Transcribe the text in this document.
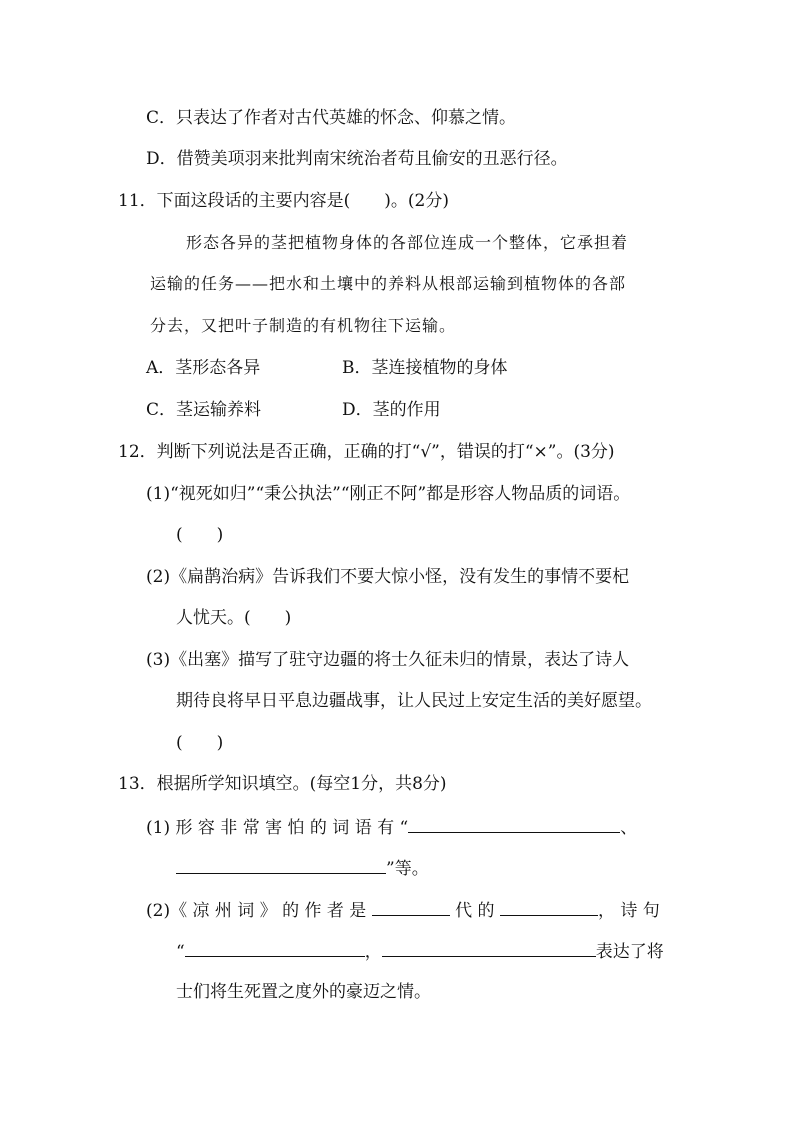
C．只表达了作者对古代英雄的怀念、仰慕之情。
D．借赞美项羽来批判南宋统治者苟且偷安的丑恶行径。
11．下面这段话的主要内容是(　　)。(2分)
形态各异的茎把植物身体的各部位连成一个整体，它承担着
运输的任务——把水和土壤中的养料从根部运输到植物体的各部
分去，又把叶子制造的有机物往下运输。
A．茎形态各异	B．茎连接植物的身体
C．茎运输养料	D．茎的作用
12．判断下列说法是否正确，正确的打“√”，错误的打“×”。(3分)
(1)“视死如归”“秉公执法”“刚正不阿”都是形容人物品质的词语。
(　　)
(2)《扁鹊治病》告诉我们不要大惊小怪，没有发生的事情不要杞
人忧天。(　　)
(3)《出塞》描写了驻守边疆的将士久征未归的情景，表达了诗人
期待良将早日平息边疆战事，让人民过上安定生活的美好愿望。
(　　)
13．根据所学知识填空。(每空1分，共8分)
(1) 形 容 非 常 害 怕 的 词 语 有 “	、
”等。
(2)《 凉 州 词 》 的 作 者 是	代 的	， 诗 句
“	，	表达了将
士们将生死置之度外的豪迈之情。
